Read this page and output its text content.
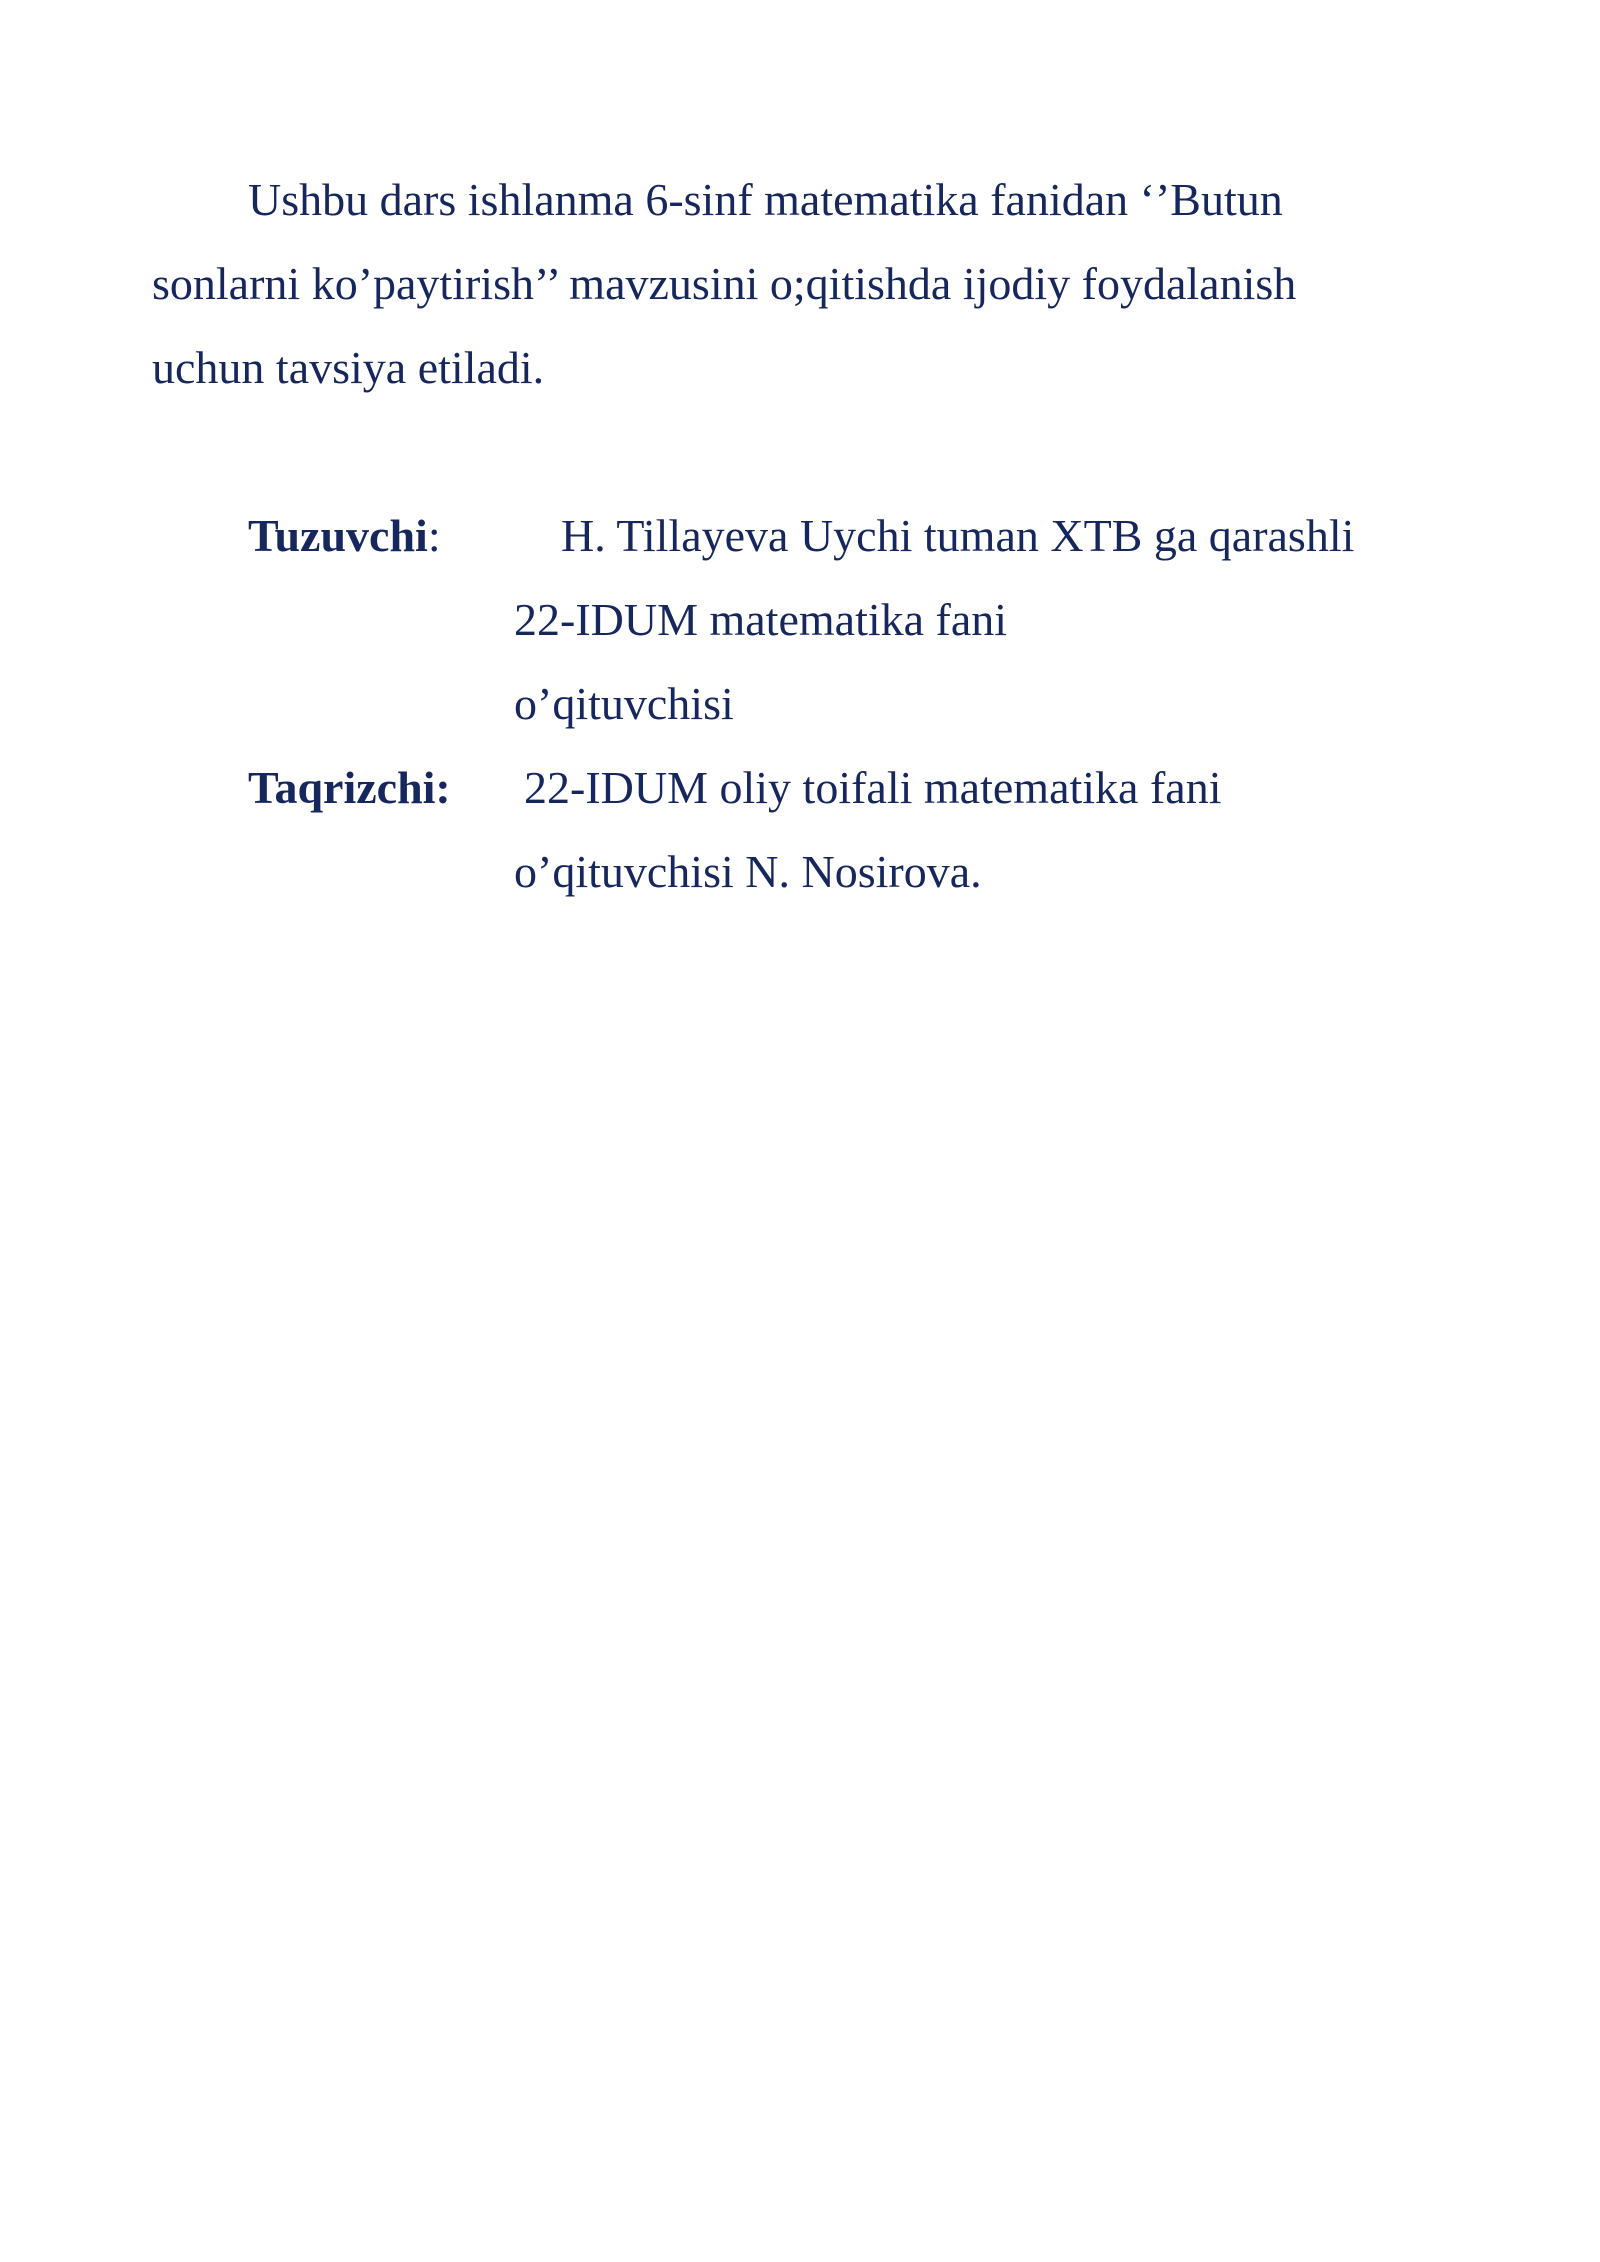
Ushbu dars ishlanma 6-sinf matematika fanidan ‘’Butun
sonlarni ko’paytirish’’ mavzusini o;qitishda ijodiy foydalanish
uchun tavsiya etiladi.
Tuzuvchi:	H. Tillayeva Uychi tuman XTB ga qarashli
22-IDUM matematika fani
o’qituvchisi
Taqrizchi: 22-IDUM oliy toifali matematika fani
o’qituvchisi N. Nosirova.
